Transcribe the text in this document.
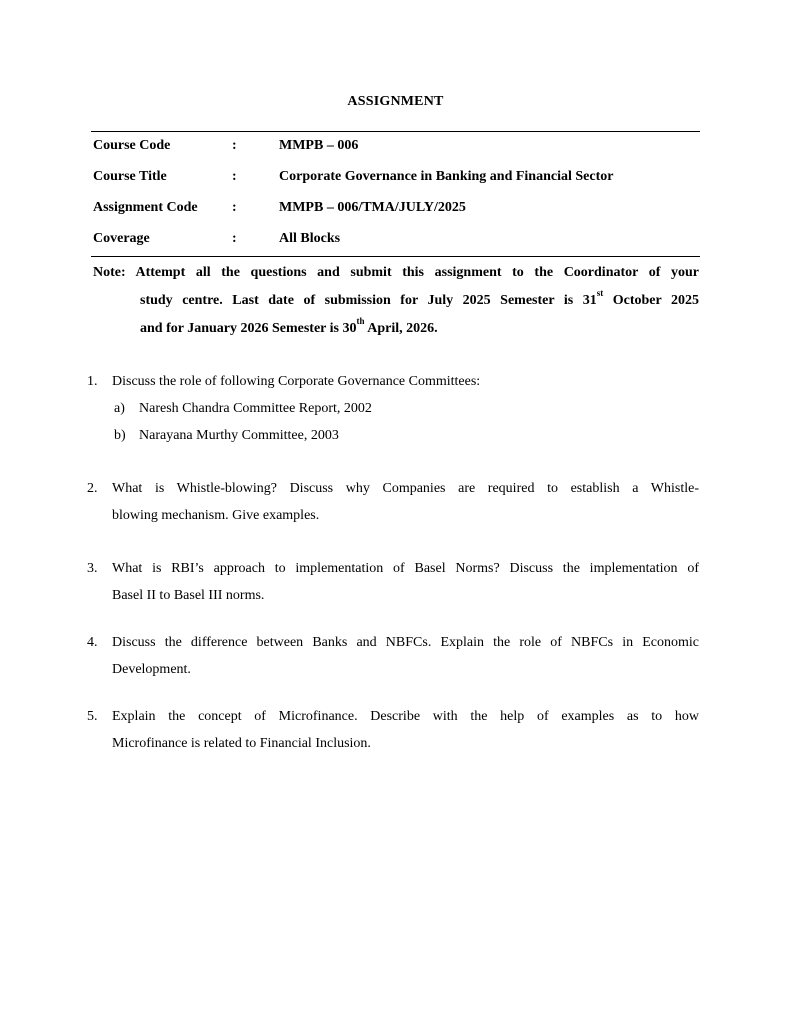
ASSIGNMENT
Course Code	:	MMPB – 006
Course Title	:	Corporate Governance in Banking and Financial Sector
Assignment Code :	MMPB – 006/TMA/JULY/2025
Coverage	:	All Blocks
Note: Attempt all the questions and submit this assignment to the Coordinator of your
study centre. Last date of submission for July 2025 Semester is 31st October 2025
and for January 2026 Semester is 30th April, 2026.
1. Discuss the role of following Corporate Governance Committees:
a) Naresh Chandra Committee Report, 2002
b) Narayana Murthy Committee, 2003
2. What is Whistle-blowing? Discuss why Companies are required to establish a Whistle-
blowing mechanism. Give examples.
3. What is RBI’s approach to implementation of Basel Norms? Discuss the implementation of
Basel II to Basel III norms.
4. Discuss the difference between Banks and NBFCs. Explain the role of NBFCs in Economic
Development.
5. Explain the concept of Microfinance. Describe with the help of examples as to how
Microfinance is related to Financial Inclusion.
